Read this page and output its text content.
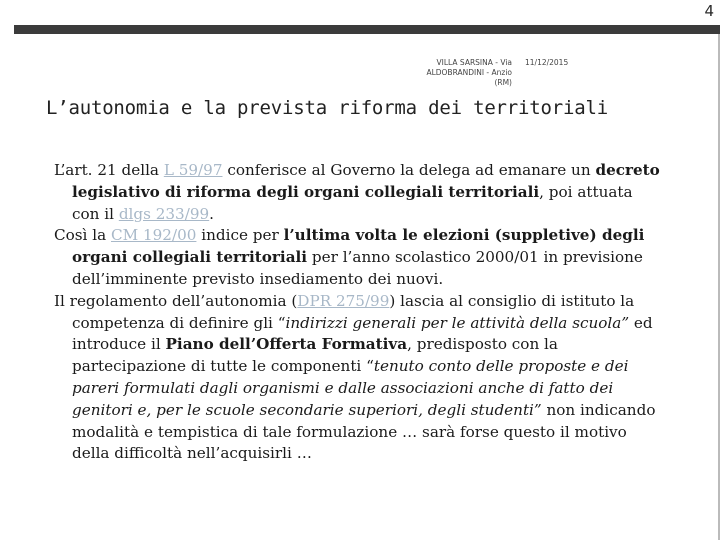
4
VILLA SARSINA - Via ALDOBRANDINI - Anzio (RM)
11/12/2015
L’autonomia e la prevista riforma dei territoriali

L’art. 21 della L 59/97 conferisce al Governo la delega ad emanare un decreto legislativo di riforma degli organi collegiali territoriali, poi attuata con il dlgs 233/99.

Così la CM 192/00 indice per l’ultima volta le elezioni (suppletive) degli organi collegiali territoriali per l’anno scolastico 2000/01 in previsione dell’imminente previsto insediamento dei nuovi.

Il regolamento dell’autonomia (DPR 275/99) lascia al consiglio di istituto la competenza di definire gli “indirizzi generali per le attività della scuola” ed introduce il Piano dell’Offerta Formativa, predisposto con la partecipazione di tutte le componenti “tenuto conto delle proposte e dei pareri formulati dagli organismi e dalle associazioni anche di fatto dei genitori e, per le scuole secondarie superiori, degli studenti” non indicando modalità e tempistica di tale formulazione … sarà forse questo il motivo della difficoltà nell’acquisirli …
